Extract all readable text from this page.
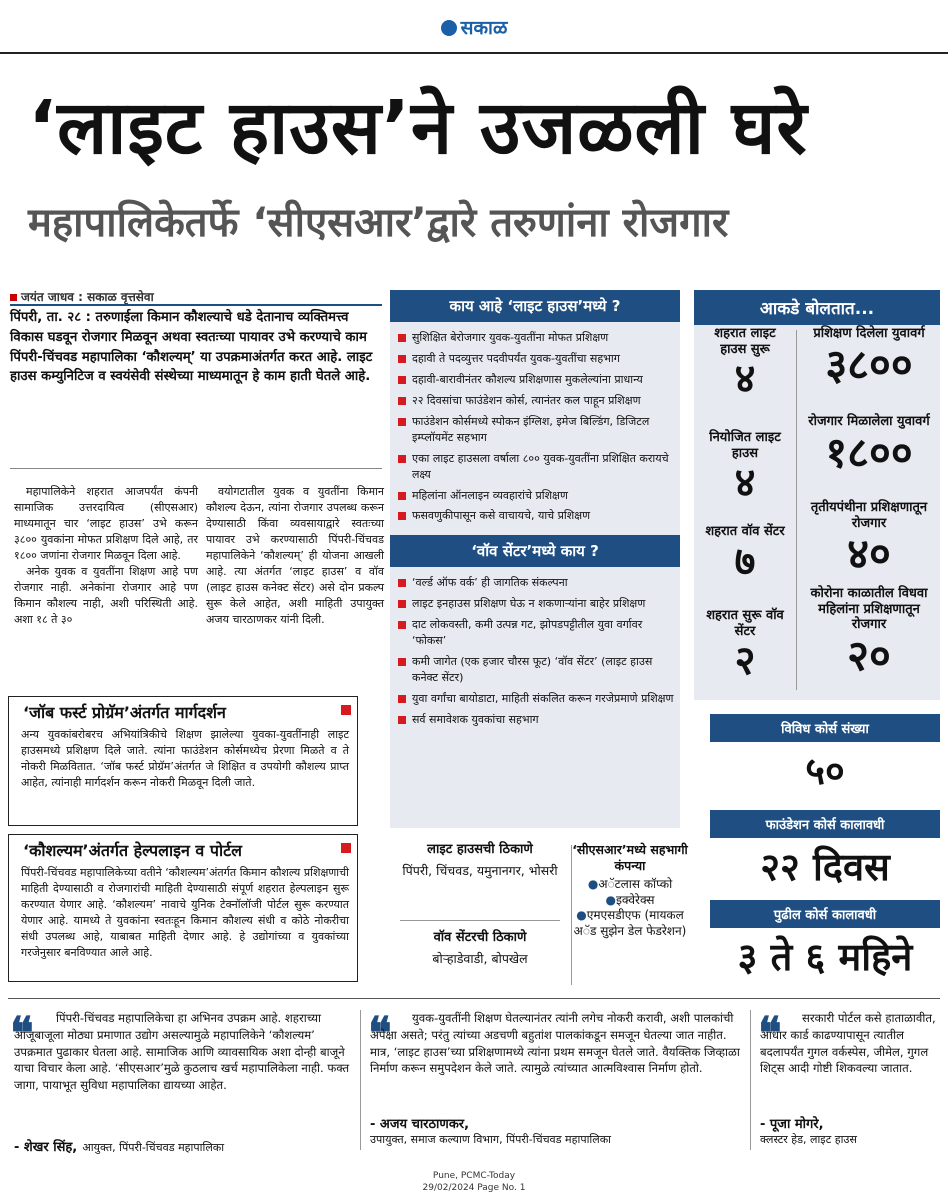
सकाळ
‘लाइट हाउस’ने उजळली घरे
महापालिकेतर्फे ‘सीएसआर’द्वारे तरुणांना रोजगार
जयंत जाधव : सकाळ वृत्तसेवा
पिंपरी, ता. २८ : तरुणाईला किमान कौशल्याचे धडे देतानाच व्यक्तिमत्त्व विकास घडवून रोजगार मिळवून अथवा स्वतःच्या पायावर उभे करण्याचे काम पिंपरी-चिंचवड महापालिका ‘कौशल्यम्’ या उपक्रमाअंतर्गत करत आहे. लाइट हाउस कम्युनिटिज व स्वयंसेवी संस्थेच्या माध्यमातून हे काम हाती घेतले आहे.

महापालिकेने शहरात आजपर्यंत कंपनी सामाजिक उत्तरदायित्व (सीएसआर) माध्यमातून चार ‘लाइट हाउस’ उभे करून ३८०० युवकांना मोफत प्रशिक्षण दिले आहे, तर १८०० जणांना रोजगार मिळवून दिला आहे.

अनेक युवक व युवतींना शिक्षण आहे पण रोजगार नाही. अनेकांना रोजगार आहे पण किमान कौशल्य नाही, अशी परिस्थिती आहे. अशा १८ ते ३०

वयोगटातील युवक व युवतींना किमान कौशल्य देऊन, त्यांना रोजगार उपलब्ध करून देण्यासाठी किंवा व्यवसायाद्वारे स्वतःच्या पायावर उभे करण्यासाठी पिंपरी-चिंचवड महापालिकेने ‘कौशल्यम्’ ही योजना आखली आहे. त्या अंतर्गत ‘लाइट हाउस’ व वॉव (लाइट हाउस कनेक्ट सेंटर) असे दोन प्रकल्प सुरू केले आहेत, अशी माहिती उपायुक्त अजय चारठाणकर यांनी दिली.

‘जॉब फर्स्ट प्रोग्रॅम’अंतर्गत मार्गदर्शन
अन्य युवकांबरोबरच अभियांत्रिकीचे शिक्षण झालेल्या युवका-युवतींनाही लाइट हाउसमध्ये प्रशिक्षण दिले जाते. त्यांना फाउंडेशन कोर्समध्येच प्रेरणा मिळते व ते नोकरी मिळवितात. ‘जॉब फर्स्ट प्रोग्रॅम’अंतर्गत जे शिक्षित व उपयोगी कौशल्य प्राप्त आहेत, त्यांनाही मार्गदर्शन करून नोकरी मिळवून दिली जाते.
‘कौशल्यम’अंतर्गत हेल्पलाइन व पोर्टल
पिंपरी-चिंचवड महापालिकेच्या वतीने ‘कौशल्यम’अंतर्गत किमान कौशल्य प्रशिक्षणाची माहिती देण्यासाठी व रोजगारांची माहिती देण्यासाठी संपूर्ण शहरात हेल्पलाइन सुरू करण्यात येणार आहे. ‘कौशल्यम’ नावाचे युनिक टेक्नॉलॉजी पोर्टल सुरू करण्यात येणार आहे. यामध्ये ते युवकांना स्वतःहून किमान कौशल्य संधी व कोठे नोकरीचा संधी उपलब्ध आहे, याबाबत माहिती देणार आहे. हे उद्योगांच्या व युवकांच्या गरजेनुसार बनविण्यात आले आहे.
काय आहे ‘लाइट हाउस’मध्ये ?
सुशिक्षित बेरोजगार युवक-युवतींना मोफत प्रशिक्षण
दहावी ते पदव्युत्तर पदवीपर्यंत युवक-युवतींचा सहभाग
दहावी-बारावीनंतर कौशल्य प्रशिक्षणास मुकलेल्यांना प्राधान्य
२२ दिवसांचा फाउंडेशन कोर्स, त्यानंतर कल पाहून प्रशिक्षण
फाउंडेशन कोर्समध्ये स्पोकन इंग्लिश, इमेज बिल्डिंग, डिजिटल इम्प्लॉयमेंट सहभाग
एका लाइट हाउसला वर्षाला ८०० युवक-युवतींना प्रशिक्षित करायचे लक्ष्य
महिलांना ऑनलाइन व्यवहारांचे प्रशिक्षण
फसवणुकीपासून कसे वाचायचे, याचे प्रशिक्षण
‘वॉव सेंटर’मध्ये काय ?
‘वर्ल्ड ऑफ वर्क’ ही जागतिक संकल्पना
लाइट इनहाउस प्रशिक्षण घेऊ न शकणाऱ्यांना बाहेर प्रशिक्षण
दाट लोकवस्ती, कमी उत्पन्न गट, झोपडपट्टीतील युवा वर्गावर ‘फोकस’
कमी जागेत (एक हजार चौरस फूट) ‘वॉव सेंटर’ (लाइट हाउस कनेक्ट सेंटर)
युवा वर्गांचा बायोडाटा, माहिती संकलित करून गरजेप्रमाणे प्रशिक्षण
सर्व समावेशक युवकांचा सहभाग
आकडे बोलतात...
शहरात लाइट हाउस सुरू
४
नियोजित लाइट हाउस
४
शहरात वॉव सेंटर
७
शहरात सुरू वॉव सेंटर
२
प्रशिक्षण दिलेला युवावर्ग
३८००
रोजगार मिळालेला युवावर्ग
१८००
तृतीयपंथीना प्रशिक्षणातून रोजगार
४०
कोरोना काळातील विधवा महिलांना प्रशिक्षणातून रोजगार
२०
विविध कोर्स संख्या
५०
फाउंडेशन कोर्स कालावधी
२२ दिवस
पुढील कोर्स कालावधी
३ ते ६ महिने
लाइट हाउसची ठिकाणे
पिंपरी, चिंचवड, यमुनानगर, भोसरी
वॉव सेंटरची ठिकाणे
बोऱ्हाडेवाडी, बोपखेल
‘सीएसआर’मध्ये सहभागी कंपन्या
●अॅटलास कॉप्को
●इक्वेरेक्स
●एमएसडीएफ (मायकल अॅड सुझेन डेल फेडरेशन)
❝	पिंपरी-चिंचवड महापालिकेचा हा अभिनव उपक्रम आहे. शहराच्या आजूबाजूला मोठ्या प्रमाणात उद्योग असल्यामुळे महापालिकेने ‘कौशल्यम’ उपक्रमात पुढाकार घेतला आहे. सामाजिक आणि व्यावसायिक अशा दोन्ही बाजूने याचा विचार केला आहे. ‘सीएसआर’मुळे कुठलाच खर्च महापालिकेला नाही. फक्त जागा, पायाभूत सुविधा महापालिका द्यायच्या आहेत.
- शेखर सिंह, आयुक्त, पिंपरी-चिंचवड महापालिका
❝	युवक-युवतींनी शिक्षण घेतल्यानंतर त्यांनी लगेच नोकरी करावी, अशी पालकांची अपेक्षा असते; परंतु त्यांच्या अडचणी बहुतांश पालकांकडून समजून घेतल्या जात नाहीत. मात्र, ‘लाइट हाउस’च्या प्रशिक्षणामध्ये त्यांना प्रथम समजून घेतले जाते. वैयक्तिक जिव्हाळा निर्माण करून समुपदेशन केले जाते. त्यामुळे त्यांच्यात आत्मविश्‍वास निर्माण होतो.
- अजय चारठाणकर,
उपायुक्त, समाज कल्याण विभाग, पिंपरी-चिंचवड महापालिका
❝	सरकारी पोर्टल कसे हाताळावीत, आधार कार्ड काढण्यापासून त्यातील बदलापर्यंत गुगल वर्कस्पेस, जीमेल, गुगल शिट्स आदी गोष्टी शिकवल्या जातात.
- पूजा मोगरे,
क्लस्टर हेड, लाइट हाउस
Pune, PCMC-Today
29/02/2024 Page No. 1
